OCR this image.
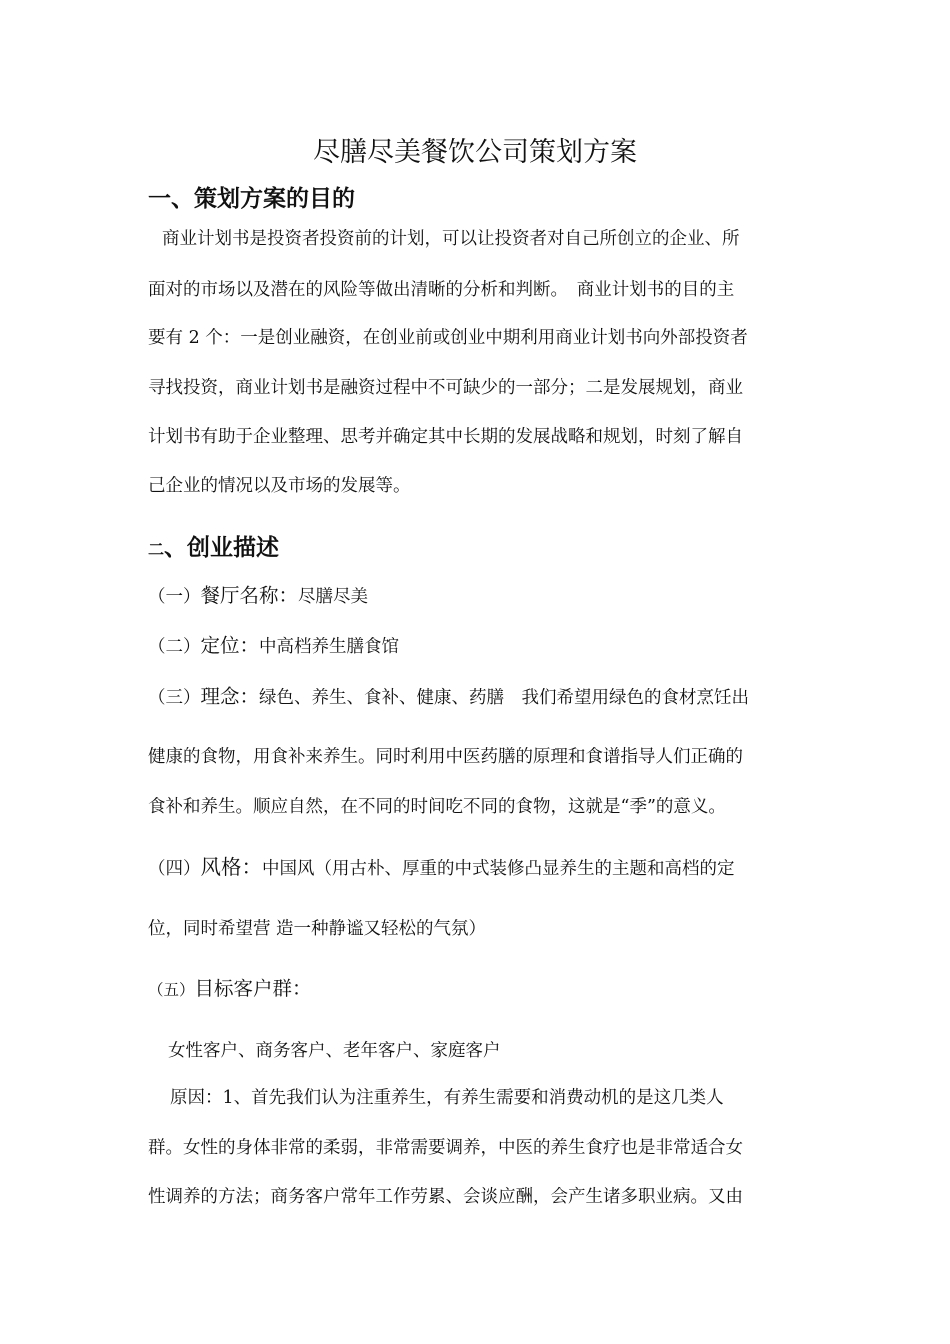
尽膳尽美餐饮公司策划方案
一、策划方案的目的
商业计划书是投资者投资前的计划，可以让投资者对自己所创立的企业、所
面对的市场以及潜在的风险等做出清晰的分析和判断。　商业计划书的目的主
要有 2 个：一是创业融资，在创业前或创业中期利用商业计划书向外部投资者
寻找投资，商业计划书是融资过程中不可缺少的一部分；二是发展规划，商业
计划书有助于企业整理、思考并确定其中长期的发展战略和规划，时刻了解自
己企业的情况以及市场的发展等。
二、创业描述
（一）餐厅名称：尽膳尽美
（二）定位：中高档养生膳食馆
（三）理念：绿色、养生、食补、健康、药膳　我们希望用绿色的食材烹饪出
健康的食物，用食补来养生。同时利用中医药膳的原理和食谱指导人们正确的
食补和养生。顺应自然，在不同的时间吃不同的食物，这就是“季”的意义。
（四）风格：中国风（用古朴、厚重的中式装修凸显养生的主题和高档的定
位，同时希望营 造一种静谧又轻松的气氛）
（五）目标客户群：
女性客户、商务客户、老年客户、家庭客户
原因：1、首先我们认为注重养生，有养生需要和消费动机的是这几类人
群。女性的身体非常的柔弱，非常需要调养，中医的养生食疗也是非常适合女
性调养的方法；商务客户常年工作劳累、会谈应酬，会产生诸多职业病。又由
